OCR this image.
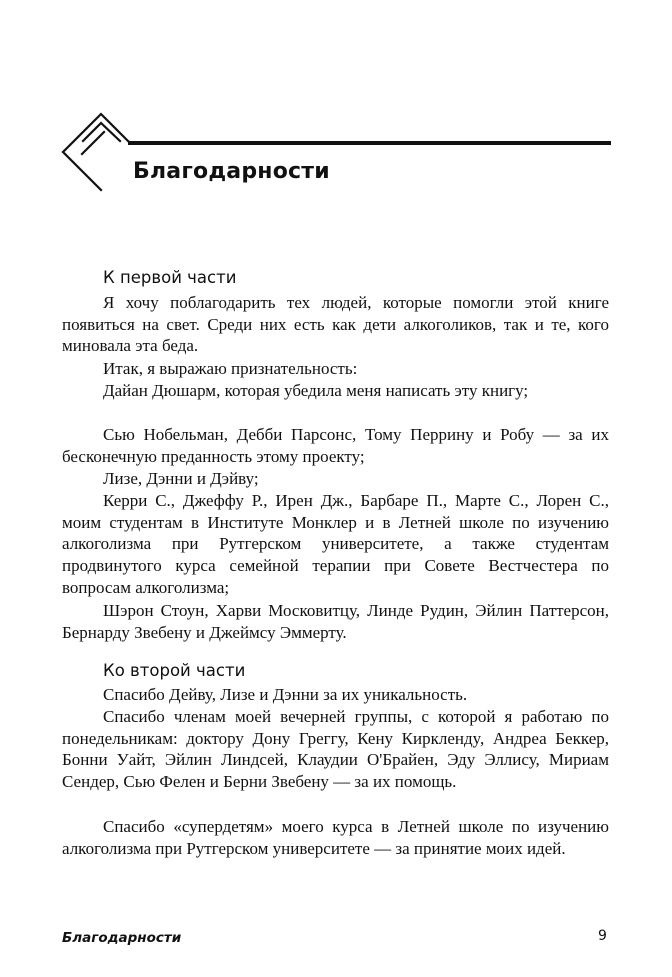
Благодарности
К первой части

Я хочу поблагодарить тех людей, которые помогли этой книге появиться на свет. Среди них есть как дети алкоголиков, так и те, кого миновала эта беда.

Итак, я выражаю признательность:

Дайан Дюшарм, которая убедила меня написать эту книгу;

Сью Нобельман, Дебби Парсонс, Тому Перрину и Робу — за их бесконечную преданность этому проекту;

Лизе, Дэнни и Дэйву;

Керри С., Джеффу Р., Ирен Дж., Барбаре П., Марте С., Лорен С., моим студентам в Институте Монклер и в Летней школе по изучению алкоголизма при Рутгерском университете, а также студентам продвинутого курса семейной терапии при Совете Вестчестера по вопросам алкоголизма;

Шэрон Стоун, Харви Московитцу, Линде Рудин, Эйлин Паттерсон, Бернарду Звебену и Джеймсу Эммерту.

Ко второй части

Спасибо Дейву, Лизе и Дэнни за их уникальность.

Спасибо членам моей вечерней группы, с которой я работаю по понедельникам: доктору Дону Греггу, Кену Кирклендy, Андреа Беккер, Бонни Уайт, Эйлин Линдсей, Клаудии О'Брайен, Эду Эллису, Мириам Сендер, Сью Фелен и Берни Звебену — за их помощь.

Спасибо «супердетям» моего курса в Летней школе по изучению алкоголизма при Рутгерском университете — за принятие моих идей.

Благодарности	9
